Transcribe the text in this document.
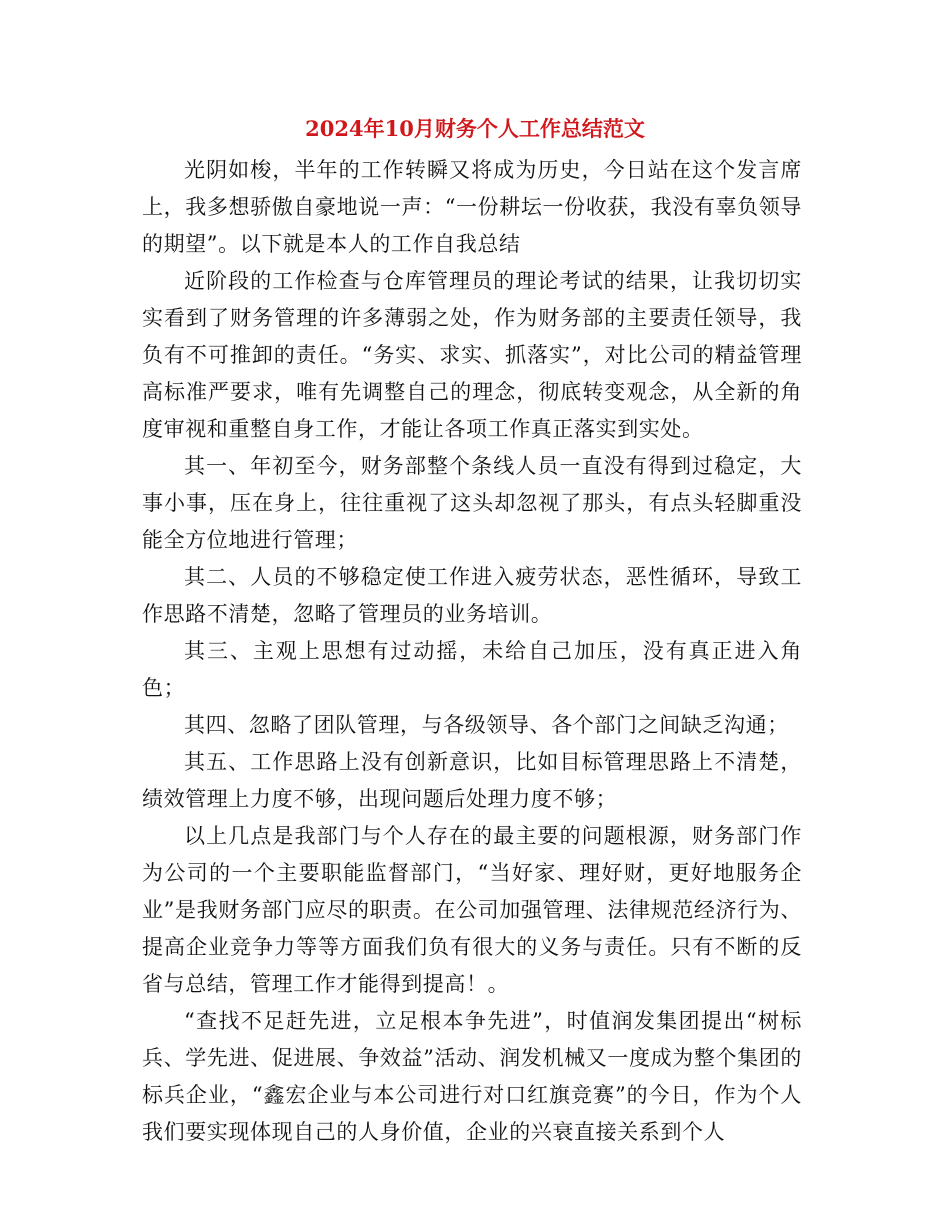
2024年10月财务个人工作总结范文

光阴如梭，半年的工作转瞬又将成为历史，今日站在这个发言席上，我多想骄傲自豪地说一声：“一份耕坛一份收获，我没有辜负领导的期望”。以下就是本人的工作自我总结

近阶段的工作检查与仓库管理员的理论考试的结果，让我切切实实看到了财务管理的许多薄弱之处，作为财务部的主要责任领导，我负有不可推卸的责任。“务实、求实、抓落实”，对比公司的精益管理高标准严要求，唯有先调整自己的理念，彻底转变观念，从全新的角度审视和重整自身工作，才能让各项工作真正落实到实处。

其一、年初至今，财务部整个条线人员一直没有得到过稳定，大事小事，压在身上，往往重视了这头却忽视了那头，有点头轻脚重没能全方位地进行管理；

其二、人员的不够稳定使工作进入疲劳状态，恶性循环，导致工作思路不清楚，忽略了管理员的业务培训。

其三、主观上思想有过动摇，未给自己加压，没有真正进入角色；

其四、忽略了团队管理，与各级领导、各个部门之间缺乏沟通；

其五、工作思路上没有创新意识，比如目标管理思路上不清楚，绩效管理上力度不够，出现问题后处理力度不够；

以上几点是我部门与个人存在的最主要的问题根源，财务部门作为公司的一个主要职能监督部门，“当好家、理好财，更好地服务企业”是我财务部门应尽的职责。在公司加强管理、法律规范经济行为、提高企业竞争力等等方面我们负有很大的义务与责任。只有不断的反省与总结，管理工作才能得到提高！。

“查找不足赶先进，立足根本争先进”，时值润发集团提出“树标兵、学先进、促进展、争效益”活动、润发机械又一度成为整个集团的标兵企业，“鑫宏企业与本公司进行对口红旗竞赛”的今日，作为个人我们要实现体现自己的人身价值，企业的兴衰直接关系到个人
